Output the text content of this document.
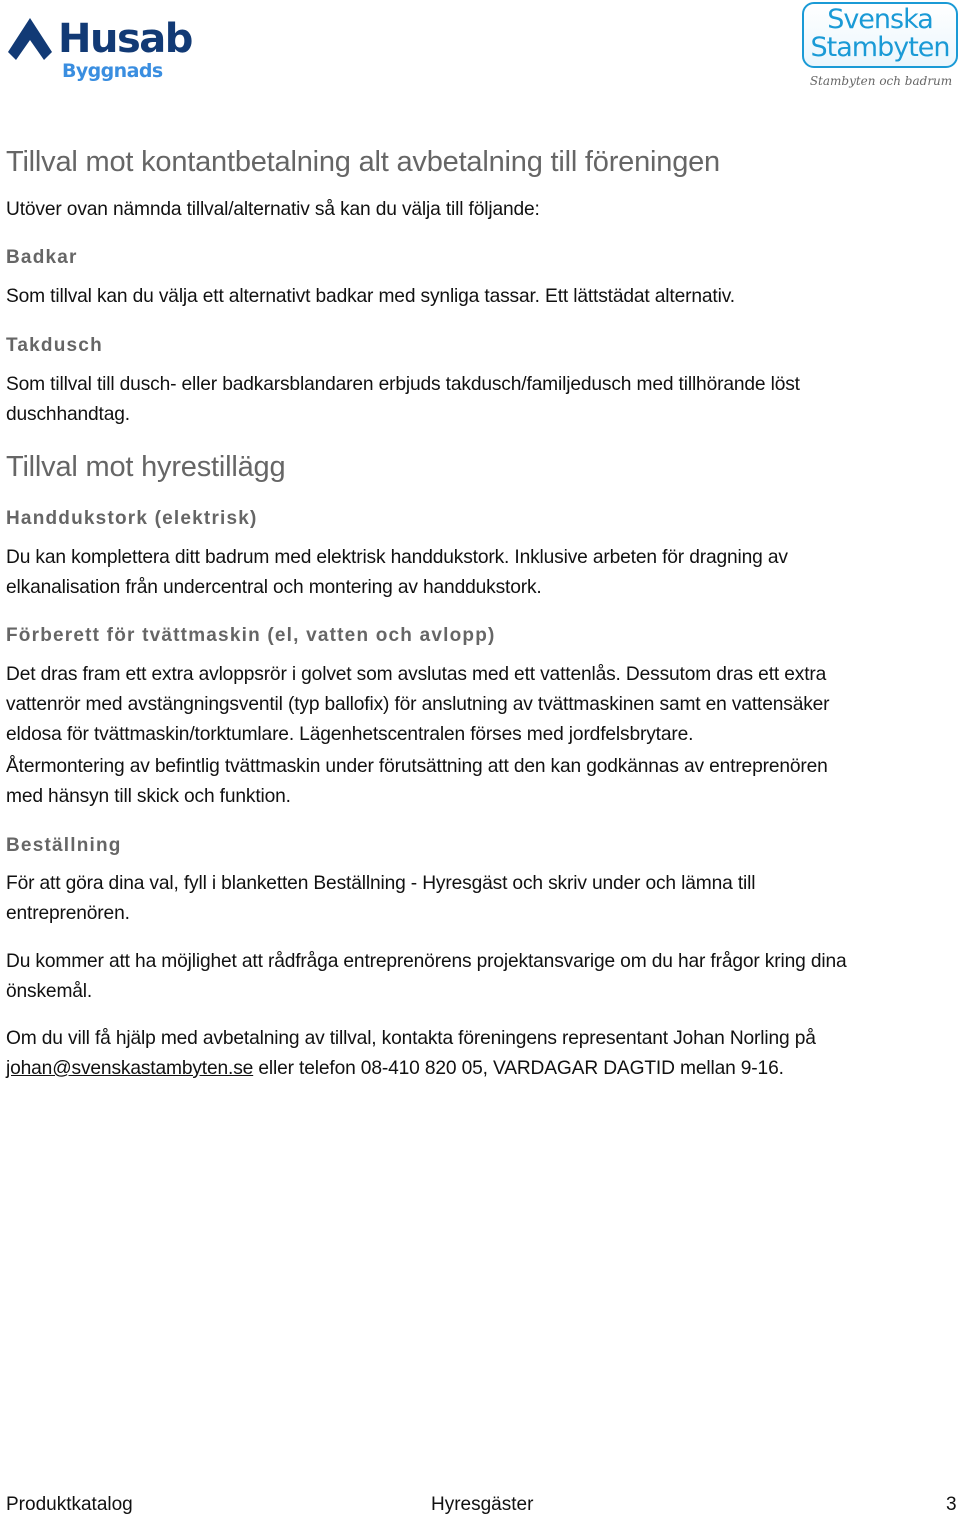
Husab
Byggnads
Svenska
Stambyten
Stambyten och badrum
Tillval mot kontantbetalning alt avbetalning till föreningen

Utöver ovan nämnda tillval/alternativ så kan du välja till följande:

Badkar

Som tillval kan du välja ett alternativt badkar med synliga tassar. Ett lättstädat alternativ.

Takdusch

Som tillval till dusch- eller badkarsblandaren erbjuds takdusch/familjedusch med tillhörande löst

duschhandtag.

Tillval mot hyrestillägg
Handdukstork (elektrisk)

Du kan komplettera ditt badrum med elektrisk handdukstork. Inklusive arbeten för dragning av

elkanalisation från undercentral och montering av handdukstork.

Förberett för tvättmaskin (el, vatten och avlopp)

Det dras fram ett extra avloppsrör i golvet som avslutas med ett vattenlås. Dessutom dras ett extra

vattenrör med avstängningsventil (typ ballofix) för anslutning av tvättmaskinen samt en vattensäker

eldosa för tvättmaskin/torktumlare. Lägenhetscentralen förses med jordfelsbrytare.

Återmontering av befintlig tvättmaskin under förutsättning att den kan godkännas av entreprenören

med hänsyn till skick och funktion.

Beställning

För att göra dina val, fyll i blanketten Beställning - Hyresgäst och skriv under och lämna till

entreprenören.

Du kommer att ha möjlighet att rådfråga entreprenörens projektansvarige om du har frågor kring dina

önskemål.

Om du vill få hjälp med avbetalning av tillval, kontakta föreningens representant Johan Norling på

johan@svenskastambyten.se eller telefon 08-410 820 05, VARDAGAR DAGTID mellan 9-16.

Produktkatalog	Hyresgäster	3
